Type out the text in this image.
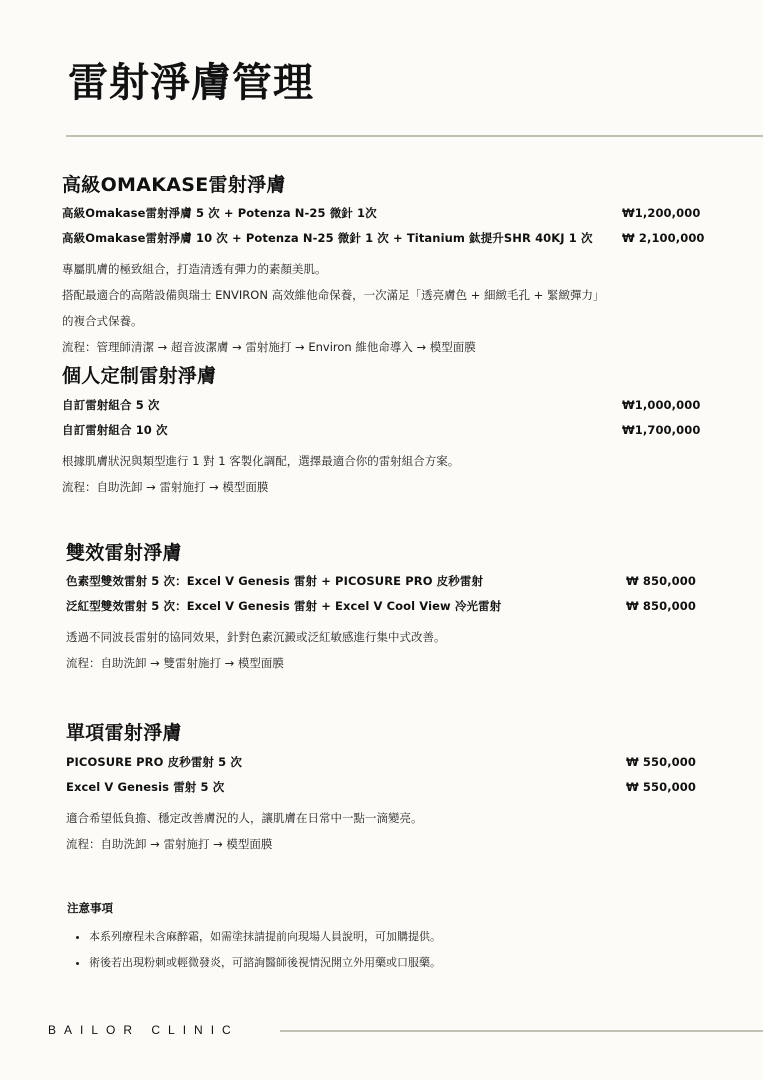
雷射淨膚管理
高級OMAKASE雷射淨膚
高級Omakase雷射淨膚 5 次 + Potenza N-25 微針 1次	₩1,200,000
高級Omakase雷射淨膚 10 次 + Potenza N-25 微針 1 次 + Titanium 鈦提升SHR 40KJ 1 次	₩ 2,100,000

專屬肌膚的極致組合，打造清透有彈力的素顏美肌。

搭配最適合的高階設備與瑞士 ENVIRON 高效維他命保養，一次滿足「透亮膚色 + 細緻毛孔 + 緊緻彈力」

的複合式保養。

流程：管理師清潔 → 超音波潔膚 → 雷射施打 → Environ 維他命導入 → 模型面膜

個人定制雷射淨膚
自訂雷射組合 5 次	₩1,000,000
自訂雷射組合 10 次	₩1,700,000

根據肌膚狀況與類型進行 1 對 1 客製化調配，選擇最適合你的雷射組合方案。

流程：自助洗卸 → 雷射施打 → 模型面膜

雙效雷射淨膚
色素型雙效雷射 5 次：Excel V Genesis 雷射 + PICOSURE PRO 皮秒雷射	₩ 850,000
泛紅型雙效雷射 5 次：Excel V Genesis 雷射 + Excel V Cool View 冷光雷射	₩ 850,000

透過不同波長雷射的協同效果，針對色素沉澱或泛紅敏感進行集中式改善。

流程：自助洗卸 → 雙雷射施打 → 模型面膜

單項雷射淨膚
PICOSURE PRO 皮秒雷射 5 次	₩ 550,000
Excel V Genesis 雷射 5 次	₩ 550,000

適合希望低負擔、穩定改善膚況的人，讓肌膚在日常中一點一滴變亮。

流程：自助洗卸 → 雷射施打 → 模型面膜

注意事項
• 本系列療程未含麻醉霜，如需塗抹請提前向現場人員說明，可加購提供。
• 術後若出現粉刺或輕微發炎，可諮詢醫師後視情況開立外用藥或口服藥。
BAILOR CLINIC
